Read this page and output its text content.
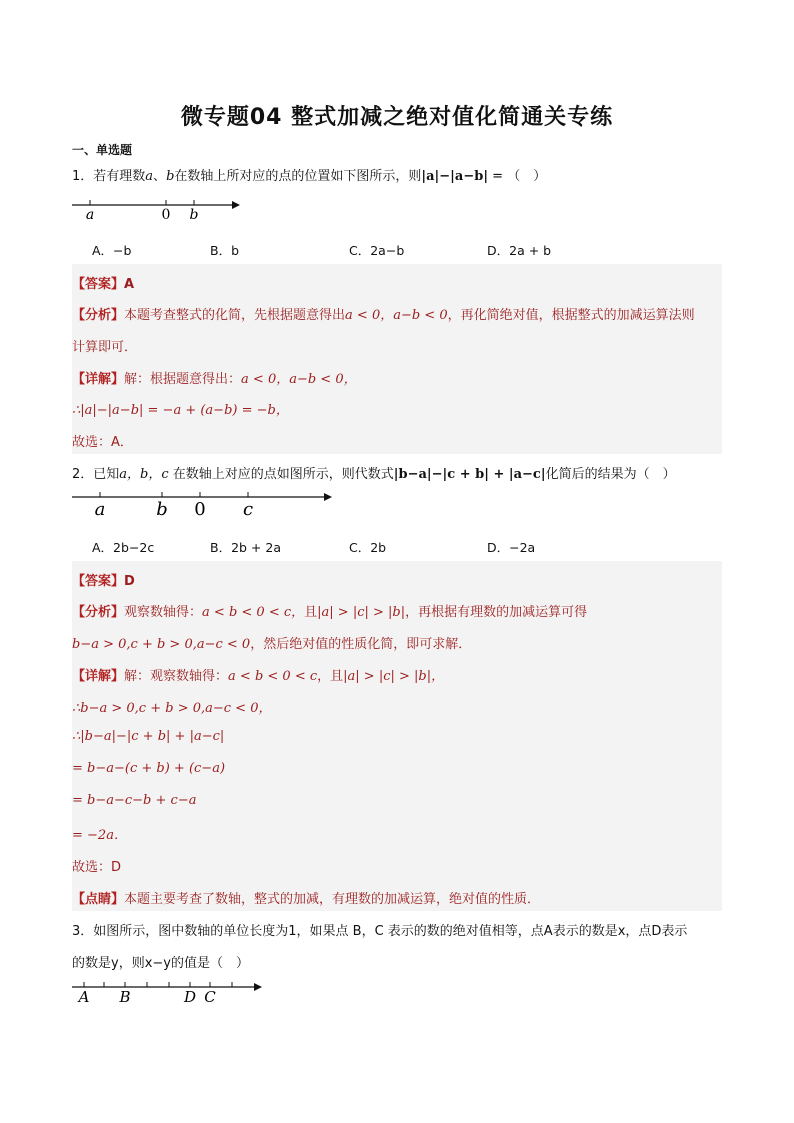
微专题04 整式加减之绝对值化简通关专练
一、单选题
1．若有理数a、b在数轴上所对应的点的位置如下图所示，则|a|−|a−b| = （　）
a	0 b
A．−b	B．b	C．2a−b	D．2a + b
【答案】A
【分析】本题考查整式的化简，先根据题意得出a < 0，a−b < 0，再化简绝对值，根据整式的加减运算法则
计算即可．
【详解】解：根据题意得出：a < 0，a−b < 0，
∴|a|−|a−b| = −a + (a−b) = −b，
故选：A．
2．已知a，b，c 在数轴上对应的点如图所示，则代数式|b−a|−|c + b| + |a−c|化简后的结果为（　）
a	b 0 c
A．2b−2c	B．2b + 2a	C．2b	D．−2a
【答案】D
【分析】观察数轴得：a < b < 0 < c，且|a| > |c| > |b|，再根据有理数的加减运算可得
b−a > 0,c + b > 0,a−c < 0，然后绝对值的性质化简，即可求解．
【详解】解：观察数轴得：a < b < 0 < c，且|a| > |c| > |b|，
∴b−a > 0,c + b > 0,a−c < 0，
∴|b−a|−|c + b| + |a−c|
= b−a−(c + b) + (c−a)
= b−a−c−b + c−a
= −2a．
故选：D
【点睛】本题主要考查了数轴，整式的加减，有理数的加减运算，绝对值的性质．
3．如图所示，图中数轴的单位长度为1，如果点 B，C 表示的数的绝对值相等，点A表示的数是x，点D表示
的数是y，则x−y的值是（　）
A B	D C
